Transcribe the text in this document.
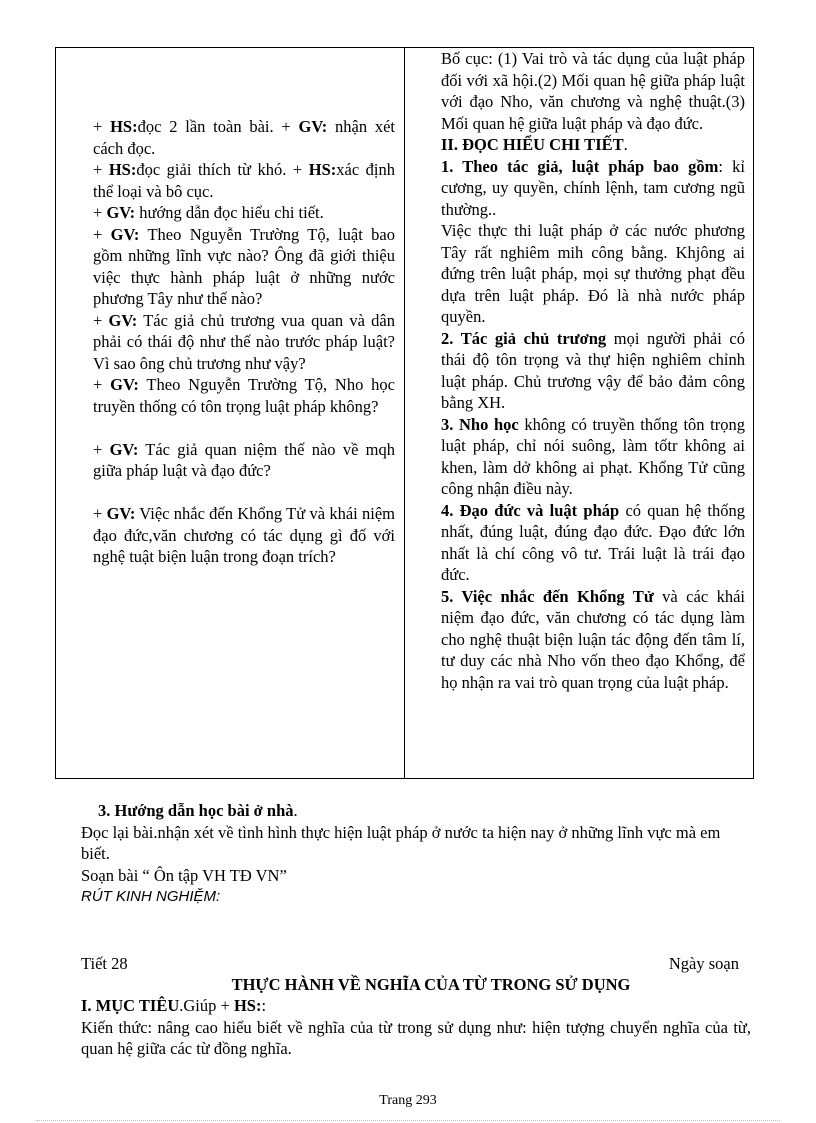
+ HS:đọc 2 lần toàn bài. + GV: nhận xét cách đọc.

+ HS:đọc giải thích từ khó. + HS:xác định thể loại và bô cục.

+ GV: hướng dẫn đọc hiểu chi tiết.

+ GV: Theo Nguyễn Trường Tộ, luật bao gồm những lĩnh vực nào? Ông đã giới thiệu việc thực hành pháp luật ở những nước phương Tây như thế nào?

+ GV: Tác giả chủ trương vua quan và dân phải có thái độ như thế nào trước pháp luật? Vì sao ông chủ trương như vậy?

+ GV: Theo Nguyễn Trường Tộ, Nho học truyền thống có tôn trọng luật pháp không?

+ GV: Tác giả quan niệm thế nào về mqh giữa pháp luật và đạo đức?

+ GV: Việc nhắc đến Khổng Tử và khái niệm đạo đức,văn chương có tác dụng gì đố với nghệ tuật biện luận trong đoạn trích?

Bố cục: (1) Vai trò và tác dụng của luật pháp đối với xã hội.(2) Mối quan hệ giữa pháp luật với đạo Nho, văn chương và nghệ thuật.(3) Mối quan hệ giữa luật pháp và đạo đức.

II. ĐỌC HIỂU CHI TIẾT.

1. Theo tác giả, luật pháp bao gồm: kỉ cương, uy quyền, chính lệnh, tam cương ngũ thường..

Việc thực thi luật pháp ở các nước phương Tây rất nghiêm mih công bằng. Khjông ai đứng trên luật pháp, mọi sự thưởng phạt đều dựa trên luật pháp. Đó là nhà nước pháp quyền.

2. Tác giả chủ trương mọi người phải có thái độ tôn trọng và thự hiện nghiêm chỉnh luật pháp. Chủ trương vậy để bảo đảm công bằng XH.

3. Nho học không có truyền thống tôn trọng luật pháp, chỉ nói suông, làm tốtr không ai khen, làm dở không ai phạt. Khổng Tử cũng công nhận điều này.

4. Đạo đức và luật pháp có quan hệ thống nhất, đúng luật, đúng đạo đức. Đạo đức lớn nhất là chí công vô tư. Trái luật là trái đạo đức.

5. Việc nhắc đến Khổng Tử và các khái niệm đạo đức, văn chương có tác dụng làm cho nghệ thuật biện luận tác động đến tâm lí, tư duy các nhà Nho vốn theo đạo Khổng, để họ nhận ra vai trò quan trọng của luật pháp.

3. Hướng dẫn học bài ở nhà.

Đọc lại bài.nhận xét về tình hình thực hiện luật pháp ở nước ta hiện nay ở những lĩnh vực mà em biết.

Soạn bài “ Ôn tập VH TĐ VN”

RÚT KINH NGHIỆM:

Tiết 28	Ngày soạn
THỰC HÀNH VỀ NGHĨA CỦA TỪ TRONG SỬ DỤNG

I. MỤC TIÊU.Giúp + HS::

Kiến thức: nâng cao hiểu biết về nghĩa của từ trong sử dụng như: hiện tượng chuyển nghĩa của từ, quan hệ giữa các từ đồng nghĩa.

Trang 293
